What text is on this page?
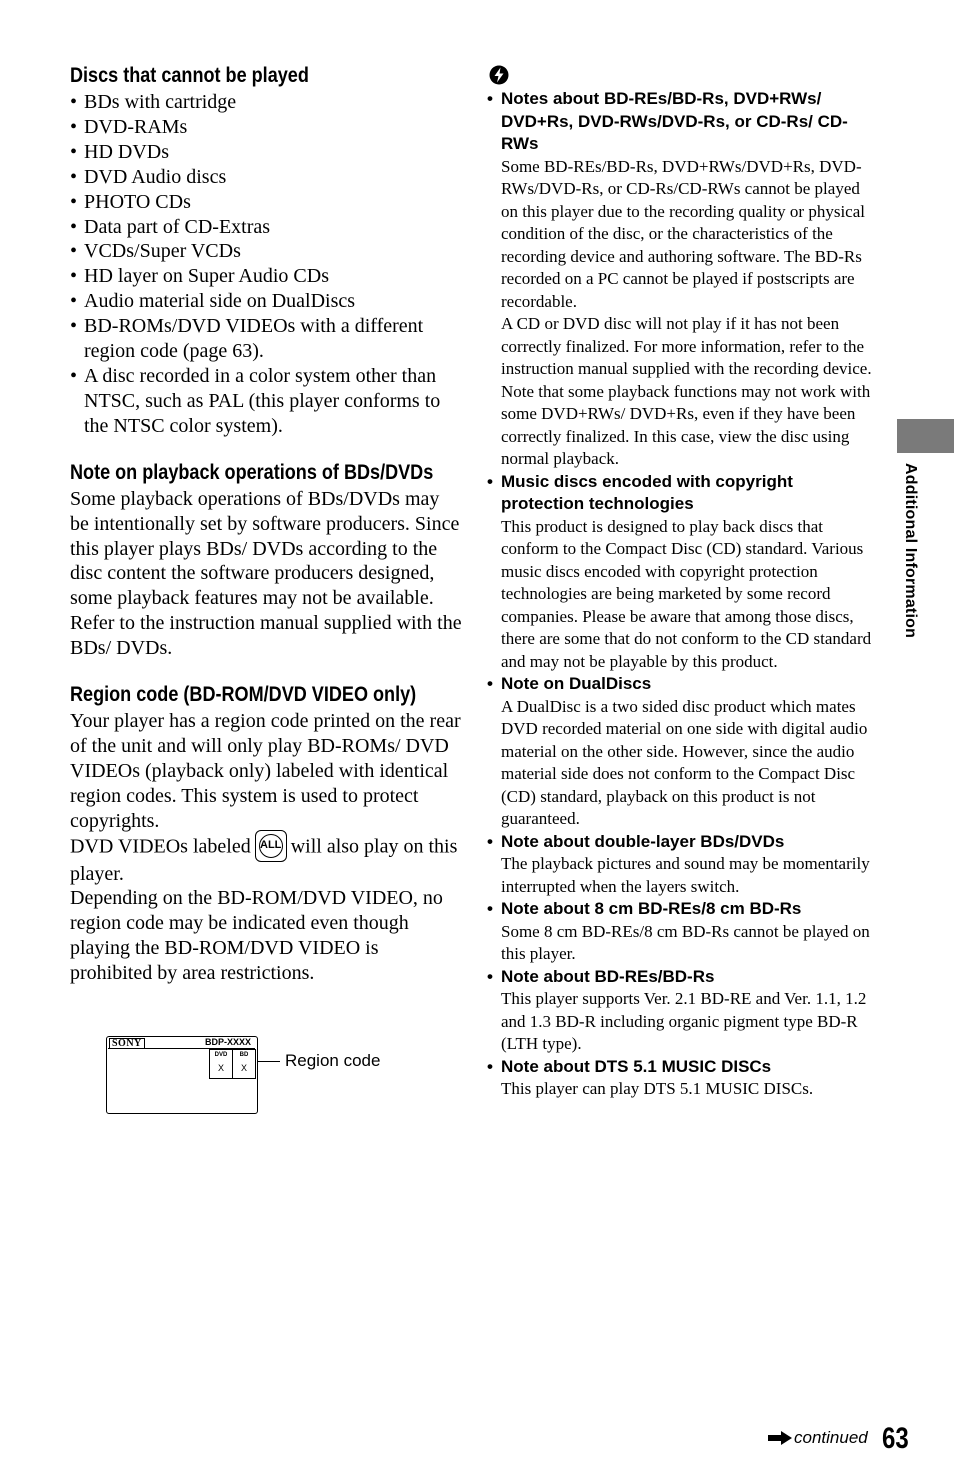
Discs that cannot be played
• BDs with cartridge
• DVD-RAMs
• HD DVDs
• DVD Audio discs
• PHOTO CDs
• Data part of CD-Extras
• VCDs/Super VCDs
• HD layer on Super Audio CDs
• Audio material side on DualDiscs
• BD-ROMs/DVD VIDEOs with a different region code (page 63).
• A disc recorded in a color system other than NTSC, such as PAL (this player conforms to the NTSC color system).
Note on playback operations of BDs/DVDs

Some playback operations of BDs/DVDs may be intentionally set by software producers. Since this player plays BDs/ DVDs according to the disc content the software producers designed, some playback features may not be available. Refer to the instruction manual supplied with the BDs/ DVDs.

Region code (BD-ROM/DVD VIDEO only)

Your player has a region code printed on the rear of the unit and will only play BD-ROMs/ DVD VIDEOs (playback only) labeled with identical region codes. This system is used to protect copyrights.

DVD VIDEOs labeled ALL will also play on this player.

Depending on the BD-ROM/DVD VIDEO, no region code may be indicated even though playing the BD-ROM/DVD VIDEO is prohibited by area restrictions.

SONY	BDP-XXXX
DVD
X
BD
X	Region code
• Notes about BD-REs/BD-Rs, DVD+RWs/ DVD+Rs, DVD-RWs/DVD-Rs, or CD-Rs/ CD-RWs

Some BD-REs/BD-Rs, DVD+RWs/DVD+Rs, DVD-RWs/DVD-Rs, or CD-Rs/CD-RWs cannot be played on this player due to the recording quality or physical condition of the disc, or the characteristics of the recording device and authoring software. The BD-Rs recorded on a PC cannot be played if postscripts are recordable.

A CD or DVD disc will not play if it has not been correctly finalized. For more information, refer to the instruction manual supplied with the recording device. Note that some playback functions may not work with some DVD+RWs/ DVD+Rs, even if they have been correctly finalized. In this case, view the disc using normal playback.

• Music discs encoded with copyright protection technologies

This product is designed to play back discs that conform to the Compact Disc (CD) standard. Various music discs encoded with copyright protection technologies are being marketed by some record companies. Please be aware that among those discs, there are some that do not conform to the CD standard and may not be playable by this product.

• Note on DualDiscs

A DualDisc is a two sided disc product which mates DVD recorded material on one side with digital audio material on the other side. However, since the audio material side does not conform to the Compact Disc (CD) standard, playback on this product is not guaranteed.

• Note about double-layer BDs/DVDs

The playback pictures and sound may be momentarily interrupted when the layers switch.

• Note about 8 cm BD-REs/8 cm BD-Rs

Some 8 cm BD-REs/8 cm BD-Rs cannot be played on this player.

• Note about BD-REs/BD-Rs

This player supports Ver. 2.1 BD-RE and Ver. 1.1, 1.2 and 1.3 BD-R including organic pigment type BD-R (LTH type).

• Note about DTS 5.1 MUSIC DISCs

This player can play DTS 5.1 MUSIC DISCs.

Additional Information
continued 63
